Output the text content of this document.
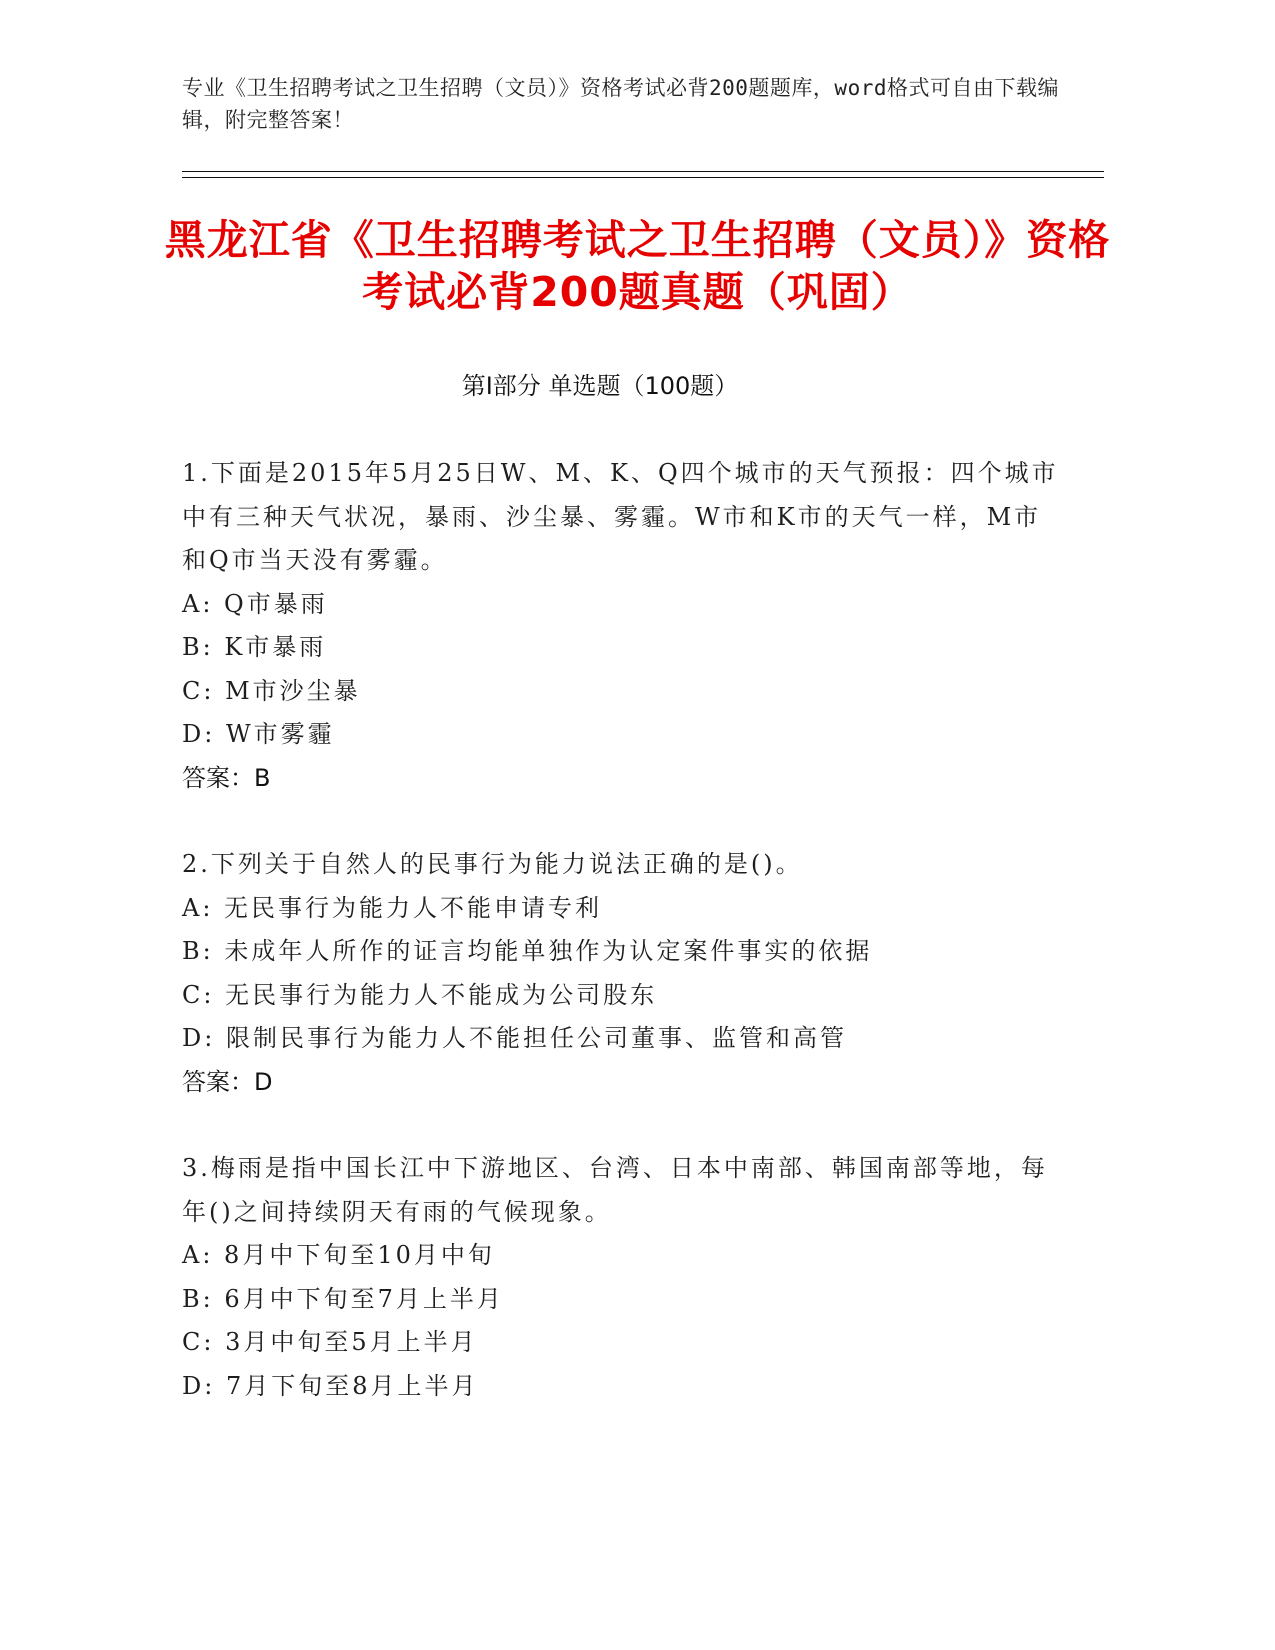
专业《卫生招聘考试之卫生招聘（文员）》资格考试必背200题题库，word格式可自由下载编辑，附完整答案！
黑龙江省《卫生招聘考试之卫生招聘（文员）》资格考试必背200题真题（巩固）
第Ⅰ部分 单选题（100题）

1.下面是2015年5月25日W、M、K、Q四个城市的天气预报：四个城市中有三种天气状况，暴雨、沙尘暴、雾霾。W市和K市的天气一样，M市和Q市当天没有雾霾。

A: Q市暴雨

B: K市暴雨

C: M市沙尘暴

D: W市雾霾

答案：B

2.下列关于自然人的民事行为能力说法正确的是()。

A: 无民事行为能力人不能申请专利

B: 未成年人所作的证言均能单独作为认定案件事实的依据

C: 无民事行为能力人不能成为公司股东

D: 限制民事行为能力人不能担任公司董事、监管和高管

答案：D

3.梅雨是指中国长江中下游地区、台湾、日本中南部、韩国南部等地，每年()之间持续阴天有雨的气候现象。

A: 8月中下旬至10月中旬

B: 6月中下旬至7月上半月

C: 3月中旬至5月上半月

D: 7月下旬至8月上半月
